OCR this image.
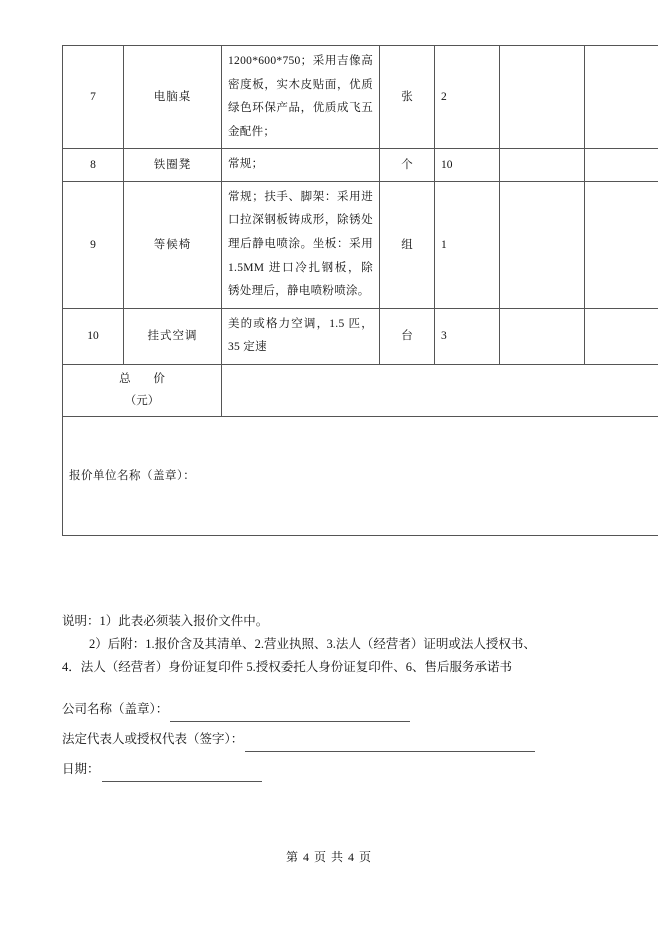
7	电脑桌	1200*600*750；采用吉像高密度板，实木皮贴面，优质绿色环保产品，优质成飞五金配件；	张	2		
8	铁圈凳	常规；	个	10		
9	等候椅	常规；扶手、脚架：采用进口拉深钢板铸成形，除锈处理后静电喷涂。坐板：采用 1.5MM 进口冷扎钢板，除锈处理后，静电喷粉喷涂。	组	1		
10	挂式空调	美的或格力空调，1.5 匹，35 定速	台	3		

总 价
（元）						

报价单位名称（盖章）：						
说明：1）此表必须装入报价文件中。
2）后附：1.报价含及其清单、2.营业执照、3.法人（经营者）证明或法人授权书、
4．法人（经营者）身份证复印件 5.授权委托人身份证复印件、6、售后服务承诺书
公司名称（盖章）：
法定代表人或授权代表（签字）：
日期：
第 4 页 共 4 页
